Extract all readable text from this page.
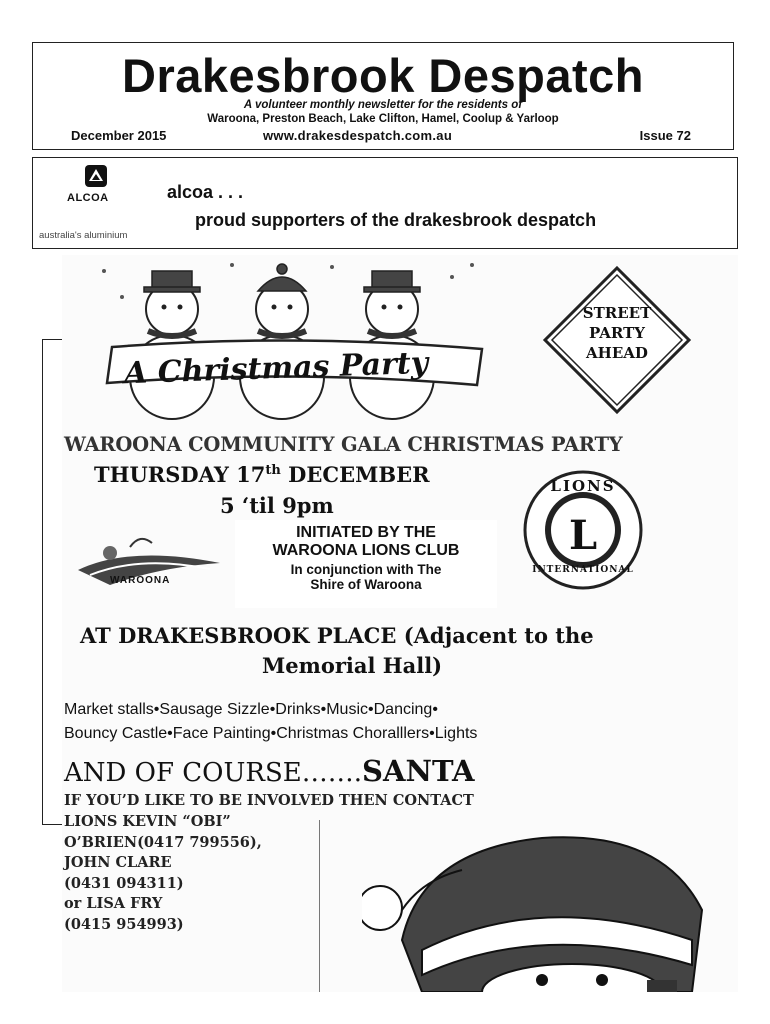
Drakesbrook Despatch
A volunteer monthly newsletter for the residents of
Waroona, Preston Beach, Lake Clifton, Hamel, Coolup & Yarloop
December 2015	www.drakesdespatch.com.au	Issue 72
ALCOA
australia's aluminium
alcoa . . .
proud supporters of the drakesbrook despatch
A Christmas Party
STREET
PARTY
AHEAD
WAROONA COMMUNITY GALA CHRISTMAS PARTY
THURSDAY 17th DECEMBER
5 ‘til 9pm
WAROONA
INITIATED BY THE
WAROONA LIONS CLUB
In conjunction with The
Shire of Waroona
L
LIONS
INTERNATIONAL
AT DRAKESBROOK PLACE (Adjacent to the
Memorial Hall)
Market stalls•Sausage Sizzle•Drinks•Music•Dancing•
Bouncy Castle•Face Painting•Christmas Choralllers•Lights
AND OF COURSE…….SANTA
IF YOU’D LIKE TO BE INVOLVED THEN CONTACT
LIONS KEVIN “OBI”
O’BRIEN(0417 799556),
JOHN CLARE
(0431 094311)
or LISA FRY
(0415 954993)
